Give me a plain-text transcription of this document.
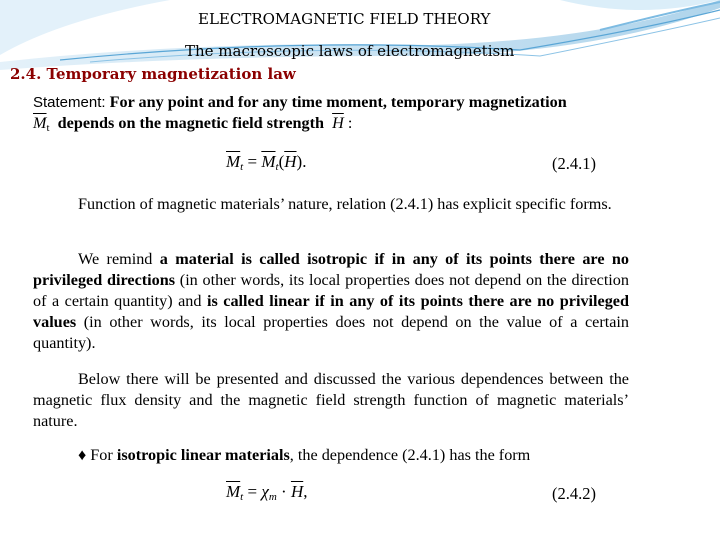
ELECTROMAGNETIC FIELD THEORY
The macroscopic laws of electromagnetism
2.4. Temporary magnetization law
Statement: For any point and for any time moment, temporary magnetization
$\overline{M}_t$ depends on the magnetic field strength $\overline{H}$ :
$\overline{M}_t = \overline{M}_t(\overline{H})$.	(2.4.1)
Function of magnetic materials’ nature, relation (2.4.1) has explicit specific forms.
We remind a material is called isotropic if in any of its points there are no privileged directions (in other words, its local properties does not depend on the direction of a certain quantity) and is called linear if in any of its points there are no privileged values (in other words, its local properties does not depend on the value of a certain quantity).
Below there will be presented and discussed the various dependences between the magnetic flux density and the magnetic field strength function of magnetic materials’ nature.
♦ For isotropic linear materials, the dependence (2.4.1) has the form
$\overline{M}_t = \chi_m \cdot \overline{H}$,	(2.4.2)
